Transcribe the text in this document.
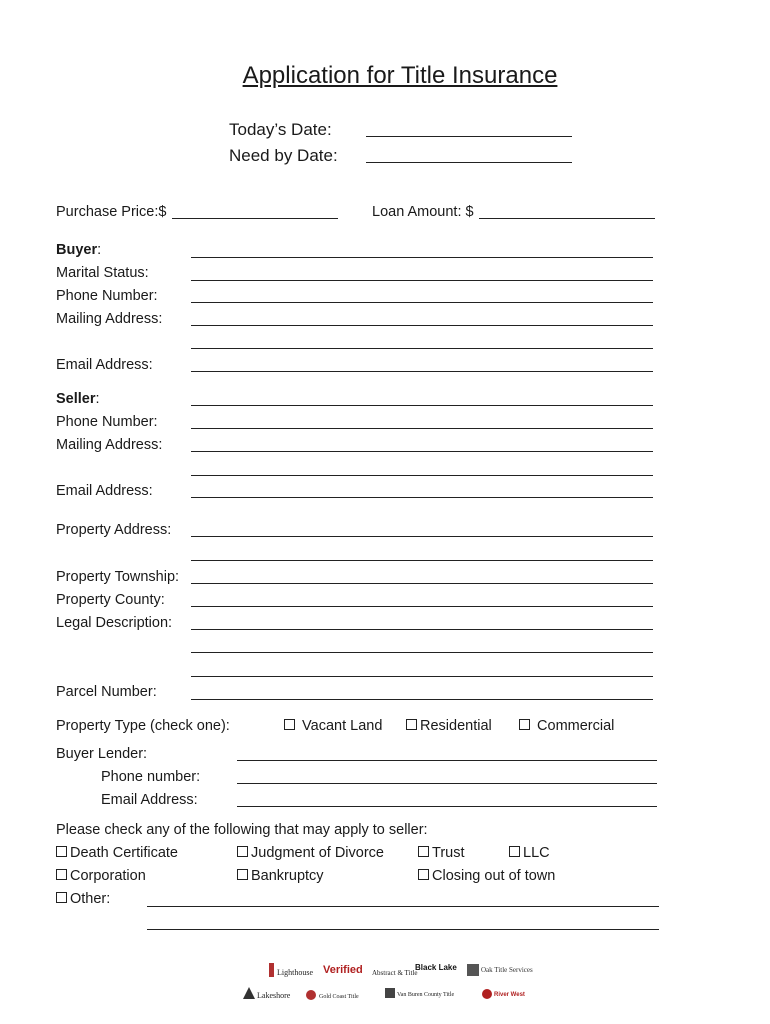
Application for Title Insurance
Today’s Date:
Need by Date:
Purchase Price:$	Loan Amount: $
Buyer:
Marital Status:
Phone Number:
Mailing Address:
Email Address:
Seller:
Phone Number:
Mailing Address:
Email Address:
Property Address:
Property Township:
Property County:
Legal Description:
Parcel Number:
Property Type (check one):	Vacant Land	Residential	Commercial
Buyer Lender:
Phone number:
Email Address:
Please check any of the following that may apply to seller:
Death Certificate	Judgment of Divorce	Trust	LLC
Corporation	Bankruptcy	Closing out of town
Other:
Lighthouse Verified Abstract & Title
Black Lake	Oak Title Services
Lakeshore	Gold Coast Title	Van Buren County Title	River West
